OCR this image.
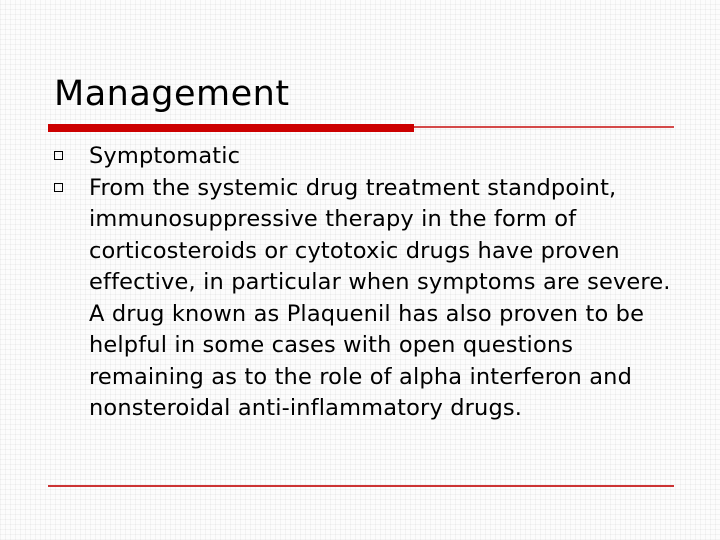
Management
Symptomatic
From the systemic drug treatment standpoint, immunosuppressive therapy in the form of corticosteroids or cytotoxic drugs have proven effective, in particular when symptoms are severe. A drug known as Plaquenil has also proven to be helpful in some cases with open questions remaining as to the role of alpha interferon and nonsteroidal anti-inflammatory drugs.
